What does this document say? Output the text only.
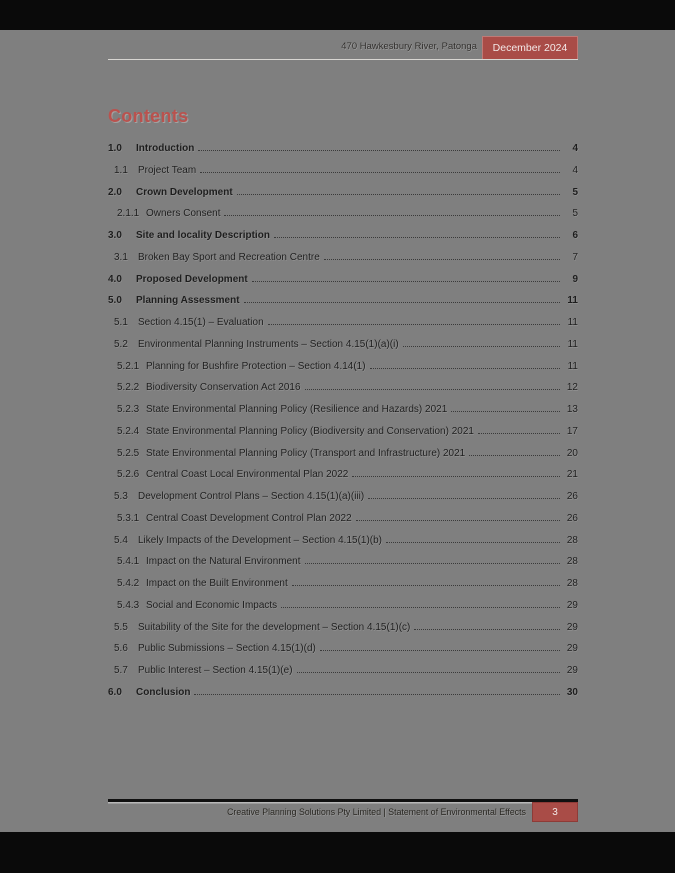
470 Hawkesbury River, Patonga	December 2024
Contents
1.0	Introduction	4
1.1	Project Team	4
2.0	Crown Development	5
2.1.1 Owners Consent	5
3.0	Site and locality Description	6
3.1	Broken Bay Sport and Recreation Centre	7
4.0	Proposed Development	9
5.0	Planning Assessment	11
5.1	Section 4.15(1) – Evaluation	11
5.2	Environmental Planning Instruments – Section 4.15(1)(a)(i)	11
5.2.1 Planning for Bushfire Protection – Section 4.14(1)	11
5.2.2 Biodiversity Conservation Act 2016	12
5.2.3 State Environmental Planning Policy (Resilience and Hazards) 2021	13
5.2.4 State Environmental Planning Policy (Biodiversity and Conservation) 2021	17
5.2.5 State Environmental Planning Policy (Transport and Infrastructure) 2021	20
5.2.6 Central Coast Local Environmental Plan 2022	21
5.3	Development Control Plans – Section 4.15(1)(a)(iii)	26
5.3.1 Central Coast Development Control Plan 2022	26
5.4	Likely Impacts of the Development – Section 4.15(1)(b)	28
5.4.1 Impact on the Natural Environment	28
5.4.2 Impact on the Built Environment	28
5.4.3 Social and Economic Impacts	29
5.5	Suitability of the Site for the development – Section 4.15(1)(c)	29
5.6	Public Submissions – Section 4.15(1)(d)	29
5.7	Public Interest – Section 4.15(1)(e)	29
6.0	Conclusion	30
Creative Planning Solutions Pty Limited | Statement of Environmental Effects	3
